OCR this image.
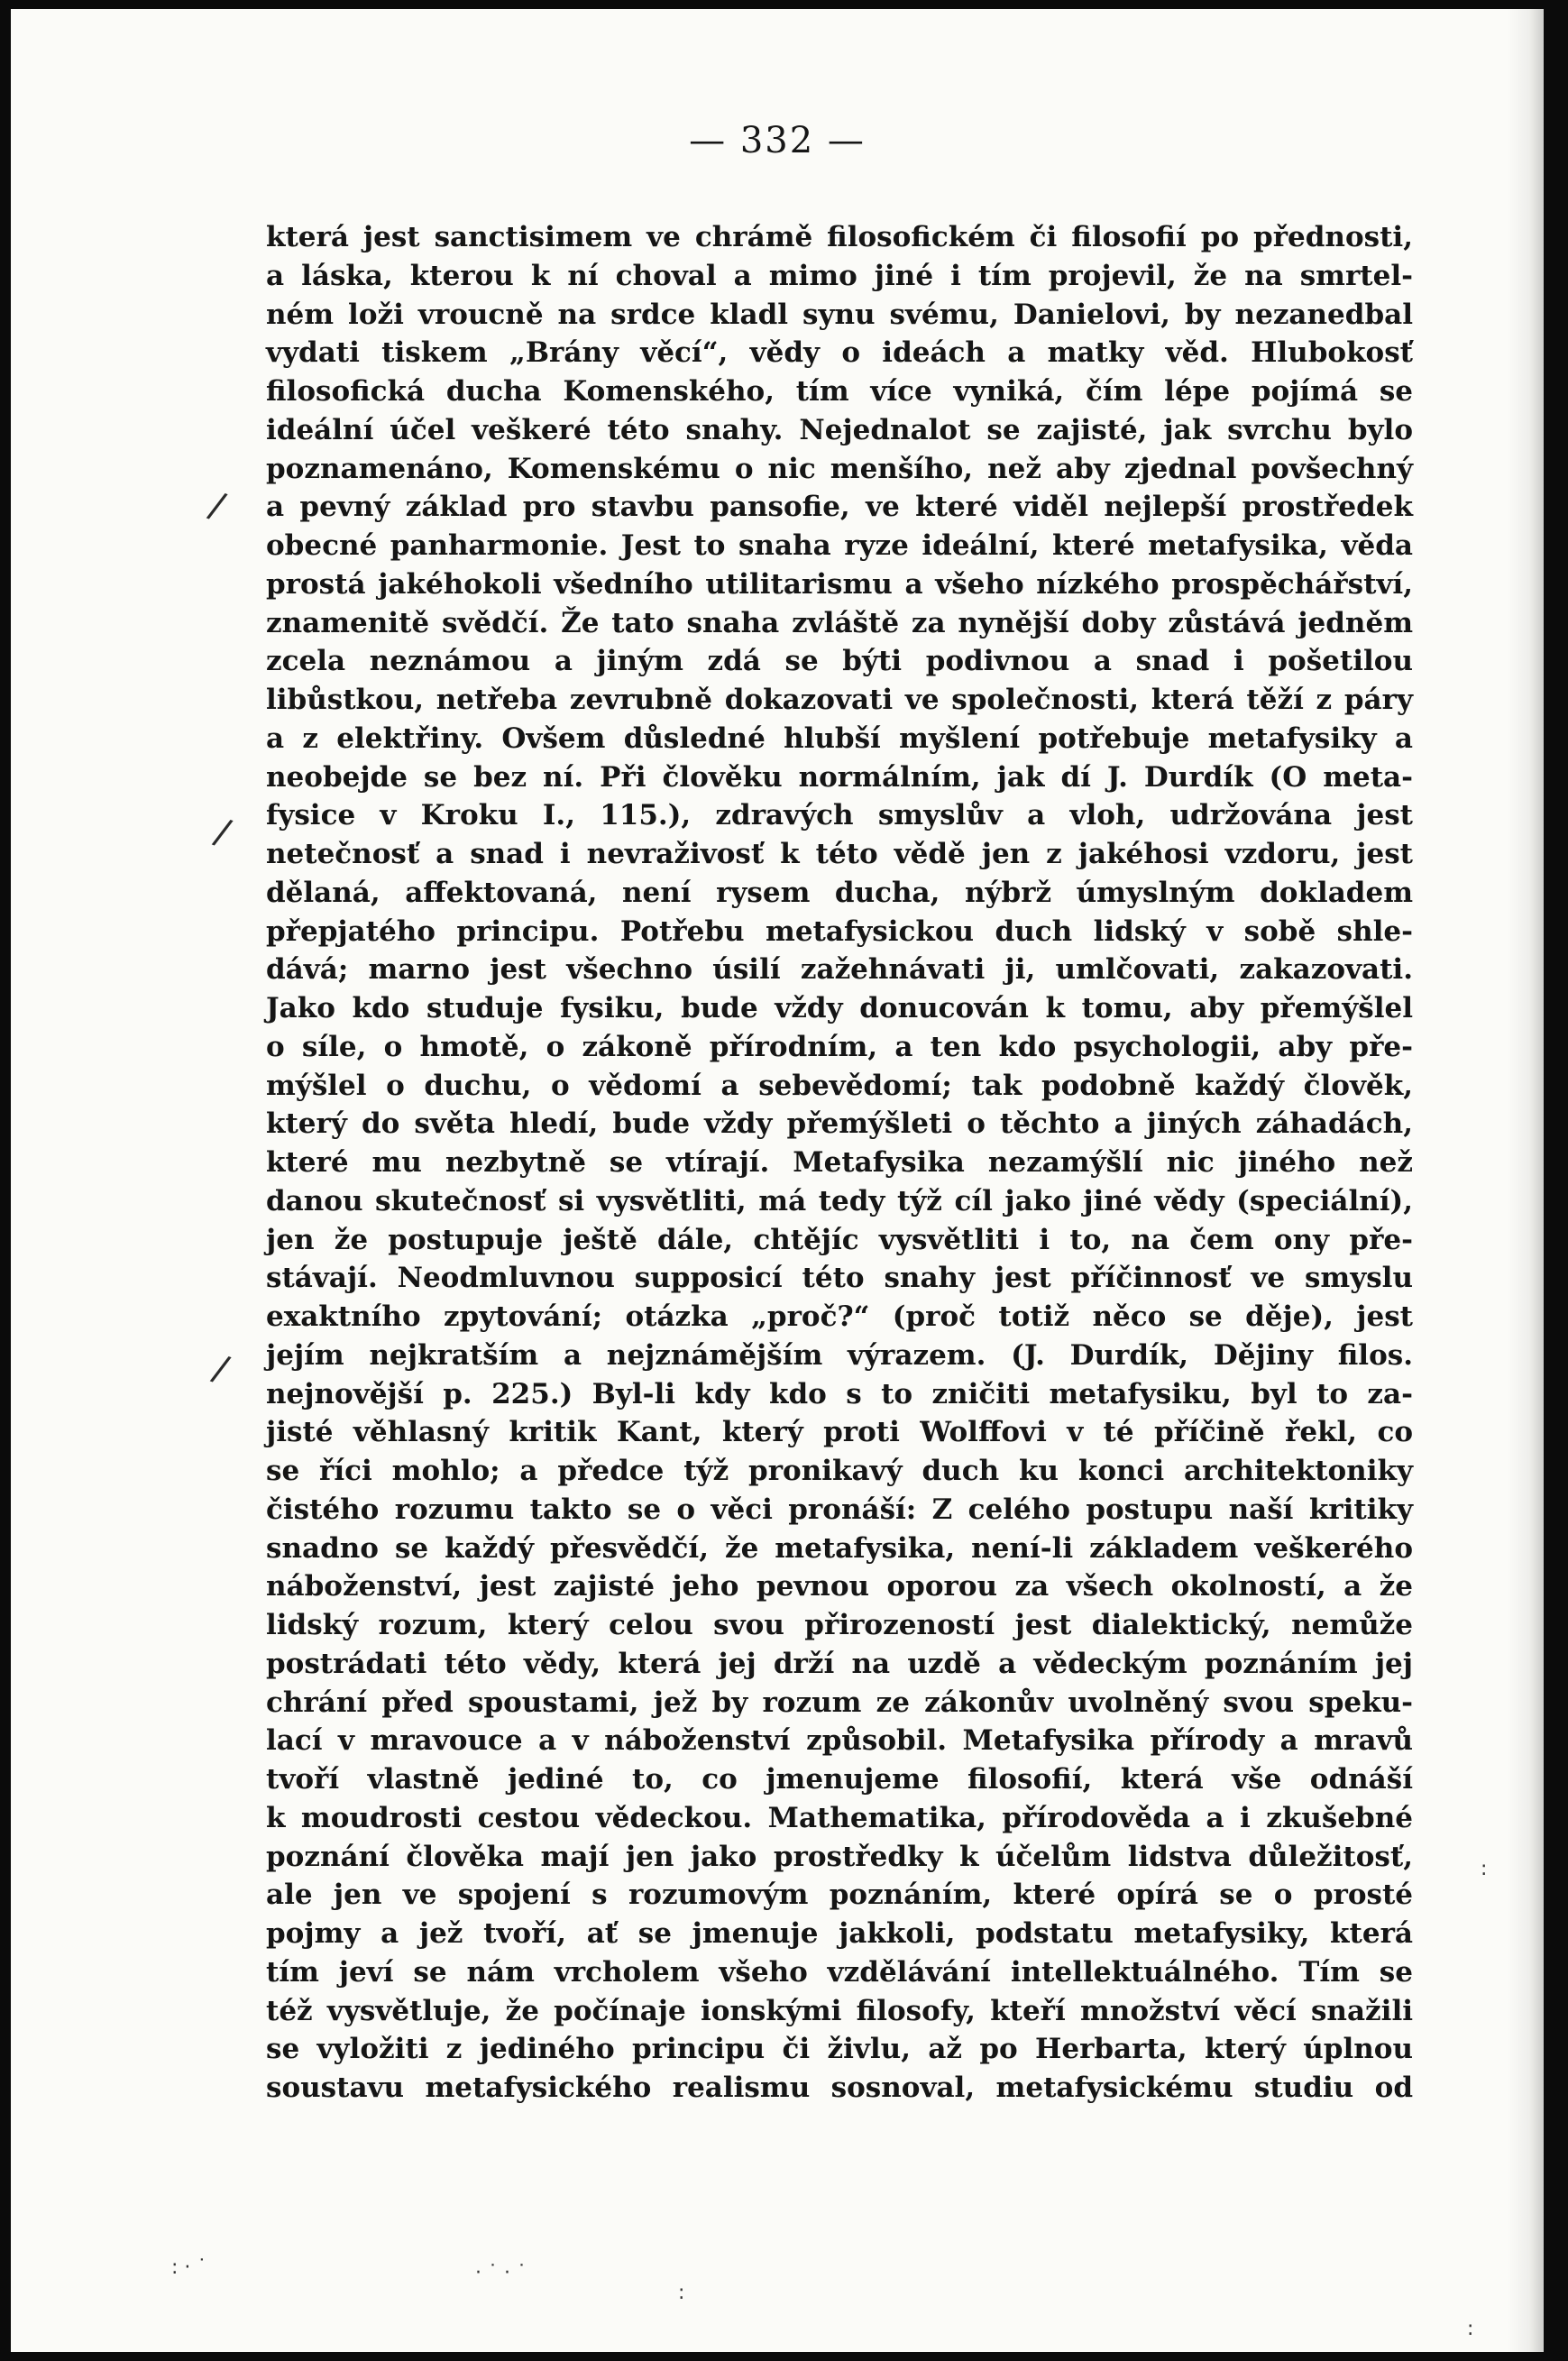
— 332 —
/
/
/
:
: · ˙	· ˙ · ˙
:
:
která jest sanctisimem ve chrámě filosofickém či filosofií po přednosti,
a láska, kterou k ní choval a mimo jiné i tím projevil, že na smrtel-
ném loži vroucně na srdce kladl synu svému, Danielovi, by nezanedbal
vydati tiskem „Brány věcí“, vědy o ideách a matky věd. Hlubokosť
filosofická ducha Komenského, tím více vyniká, čím lépe pojímá se
ideální účel veškeré této snahy. Nejednalot se zajisté, jak svrchu bylo
poznamenáno, Komenskému o nic menšího, než aby zjednal povšechný
a pevný základ pro stavbu pansofie, ve které viděl nejlepší prostředek
obecné panharmonie. Jest to snaha ryze ideální, které metafysika, věda
prostá jakéhokoli všedního utilitarismu a všeho nízkého prospěchářství,
znamenitě svědčí. Že tato snaha zvláště za nynější doby zůstává jedněm
zcela neznámou a jiným zdá se býti podivnou a snad i pošetilou
libůstkou, netřeba zevrubně dokazovati ve společnosti, která těží z páry
a z elektřiny. Ovšem důsledné hlubší myšlení potřebuje metafysiky a
neobejde se bez ní. Při člověku normálním, jak dí J. Durdík (O meta-
fysice v Kroku I., 115.), zdravých smyslův a vloh, udržována jest
netečnosť a snad i nevraživosť k této vědě jen z jakéhosi vzdoru, jest
dělaná, affektovaná, není rysem ducha, nýbrž úmyslným dokladem
přepjatého principu. Potřebu metafysickou duch lidský v sobě shle-
dává; marno jest všechno úsilí zažehnávati ji, umlčovati, zakazovati.
Jako kdo studuje fysiku, bude vždy donucován k tomu, aby přemýšlel
o síle, o hmotě, o zákoně přírodním, a ten kdo psychologii, aby pře-
mýšlel o duchu, o vědomí a sebevědomí; tak podobně každý člověk,
který do světa hledí, bude vždy přemýšleti o těchto a jiných záhadách,
které mu nezbytně se vtírají. Metafysika nezamýšlí nic jiného než
danou skutečnosť si vysvětliti, má tedy týž cíl jako jiné vědy (speciální),
jen že postupuje ještě dále, chtějíc vysvětliti i to, na čem ony pře-
stávají. Neodmluvnou supposicí této snahy jest příčinnosť ve smyslu
exaktního zpytování; otázka „proč?“ (proč totiž něco se děje), jest
jejím nejkratším a nejznámějším výrazem. (J. Durdík, Dějiny filos.
nejnovější p. 225.) Byl-li kdy kdo s to zničiti metafysiku, byl to za-
jisté věhlasný kritik Kant, který proti Wolffovi v té příčině řekl, co
se říci mohlo; a předce týž pronikavý duch ku konci architektoniky
čistého rozumu takto se o věci pronáší: Z celého postupu naší kritiky
snadno se každý přesvědčí, že metafysika, není-li základem veškerého
náboženství, jest zajisté jeho pevnou oporou za všech okolností, a že
lidský rozum, který celou svou přirozeností jest dialektický, nemůže
postrádati této vědy, která jej drží na uzdě a vědeckým poznáním jej
chrání před spoustami, jež by rozum ze zákonův uvolněný svou speku-
lací v mravouce a v náboženství způsobil. Metafysika přírody a mravů
tvoří vlastně jediné to, co jmenujeme filosofií, která vše odnáší
k moudrosti cestou vědeckou. Mathematika, přírodověda a i zkušebné
poznání člověka mají jen jako prostředky k účelům lidstva důležitosť,
ale jen ve spojení s rozumovým poznáním, které opírá se o prosté
pojmy a jež tvoří, ať se jmenuje jakkoli, podstatu metafysiky, která
tím jeví se nám vrcholem všeho vzdělávání intellektuálného. Tím se
též vysvětluje, že počínaje ionskými filosofy, kteří množství věcí snažili
se vyložiti z jediného principu či živlu, až po Herbarta, který úplnou
soustavu metafysického realismu sosnoval, metafysickému studiu od
